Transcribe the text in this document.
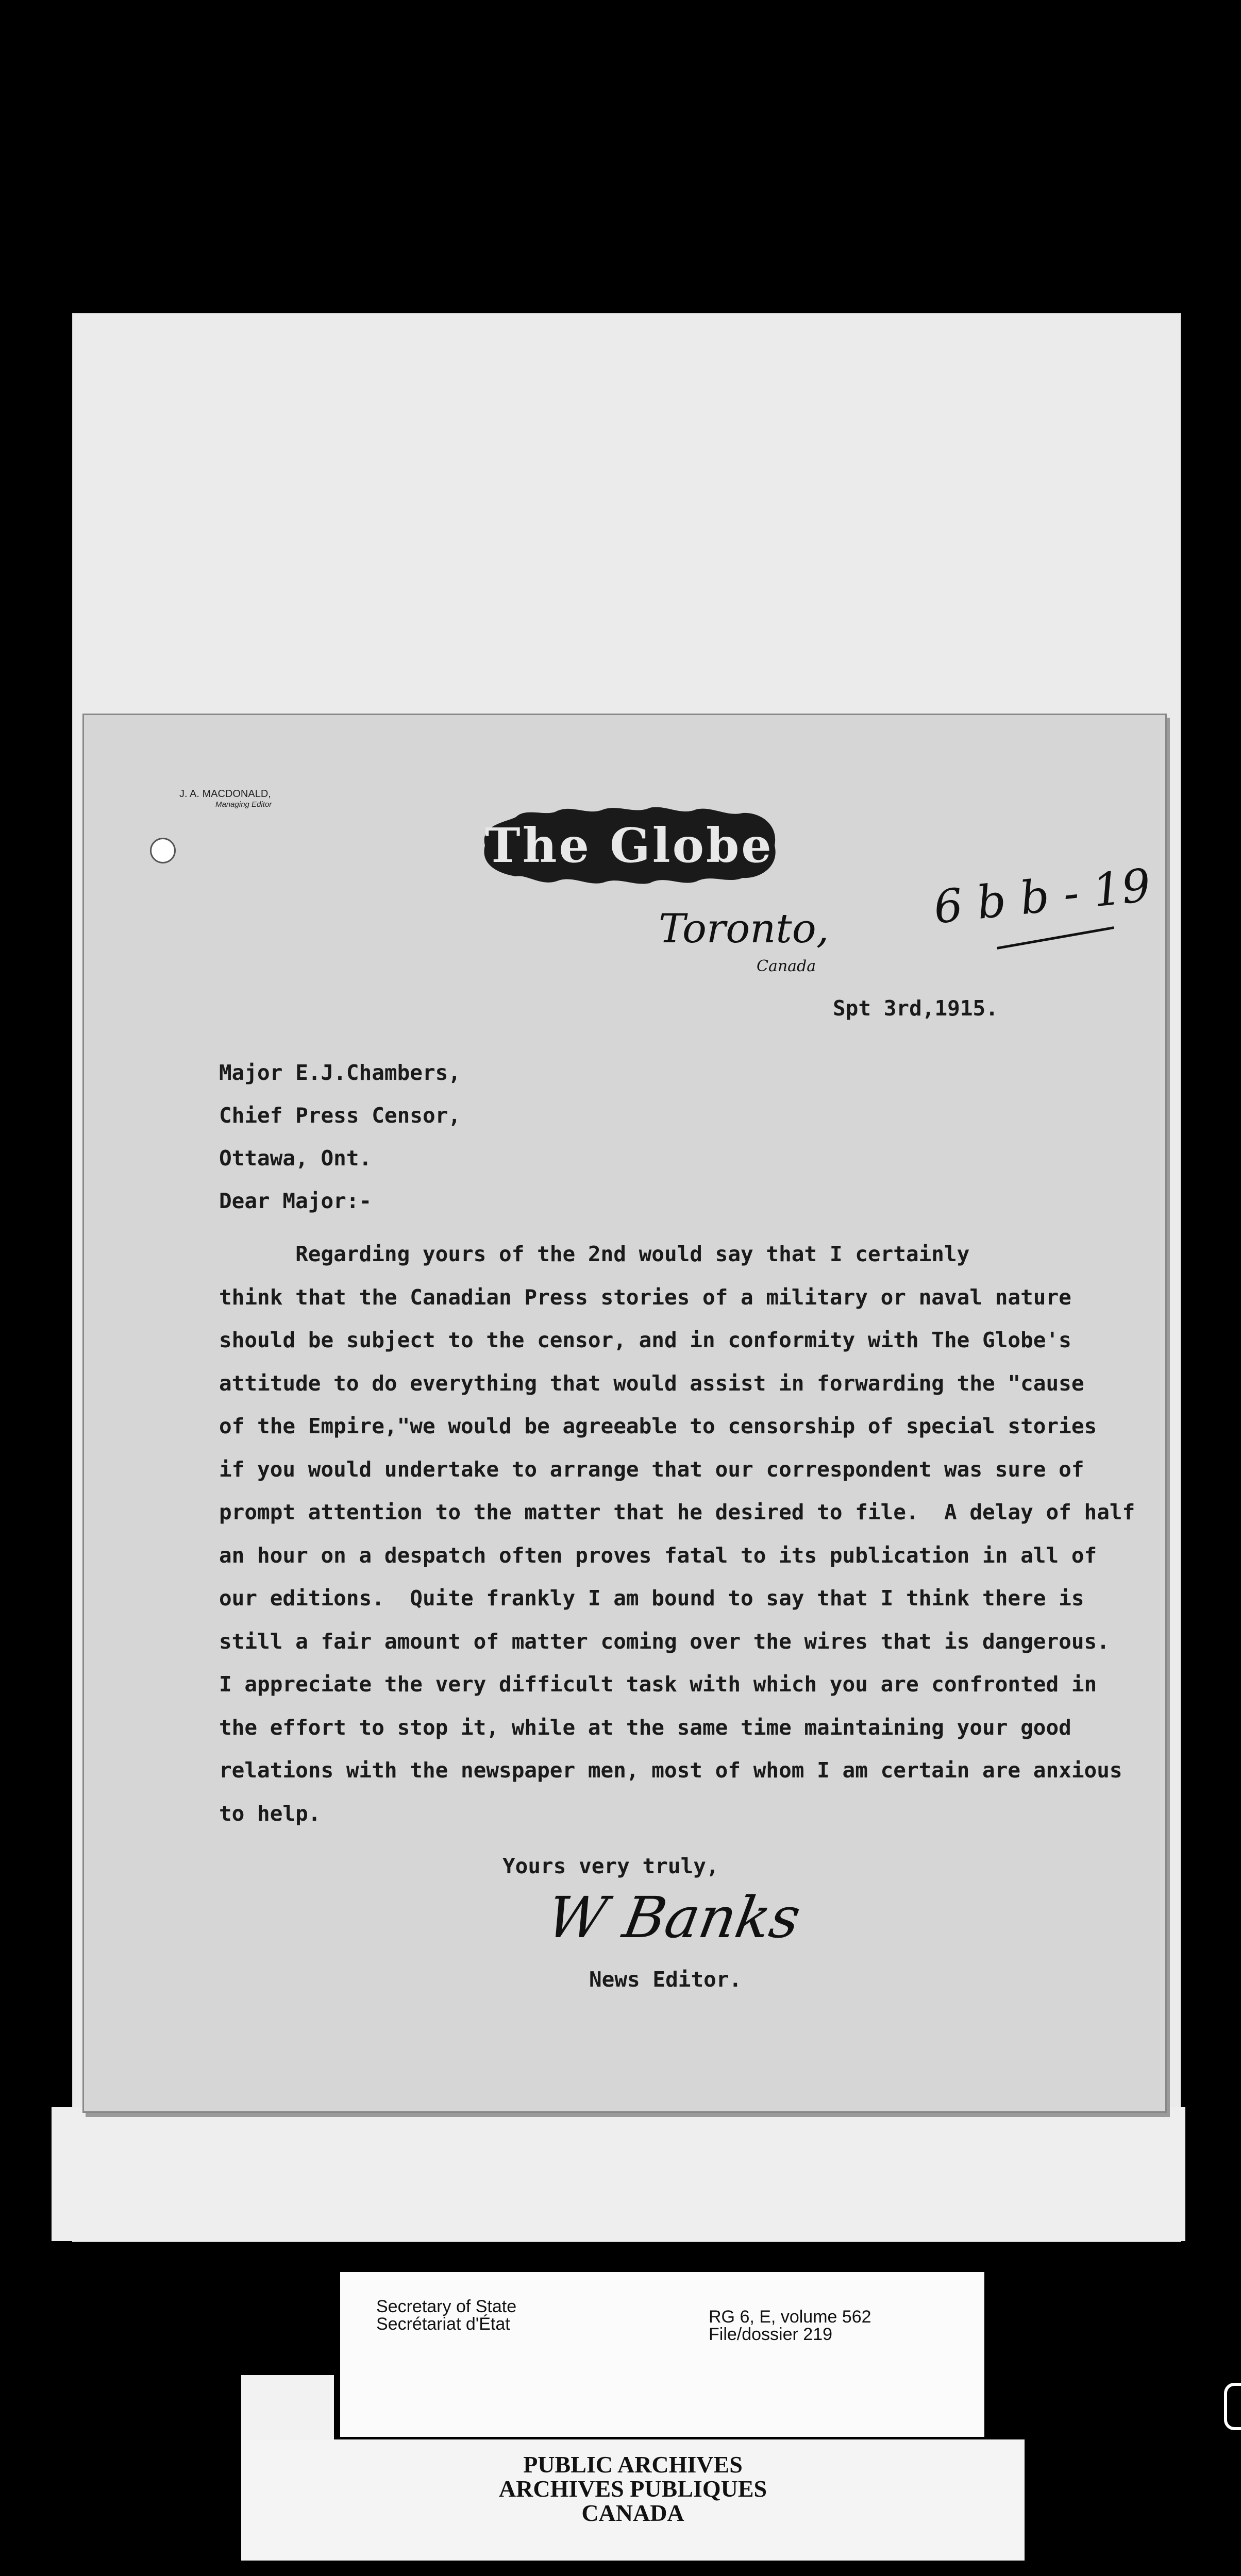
J. A. MACDONALD,
Managing Editor
The Globe
Toronto,
Canada
6 b b - 19
Spt 3rd,1915.
Major E.J.Chambers,
Chief Press Censor,
Ottawa, Ont.
Dear Major:-
Regarding yours of the 2nd would say that I certainly
think that the Canadian Press stories of a military or naval nature
should be subject to the censor, and in conformity with The Globe's
attitude to do everything that would assist in forwarding the "cause
of the Empire,"we would be agreeable to censorship of special stories
if you would undertake to arrange that our correspondent was sure of
prompt attention to the matter that he desired to file.  A delay of half
an hour on a despatch often proves fatal to its publication in all of
our editions.  Quite frankly I am bound to say that I think there is
still a fair amount of matter coming over the wires that is dangerous.
I appreciate the very difficult task with which you are confronted in
the effort to stop it, while at the same time maintaining your good
relations with the newspaper men, most of whom I am certain are anxious
to help.
Yours very truly,
W Banks
News Editor.
Secretary of State
Secrétariat d'État	RG 6, E, volume 562
File/dossier 219
PUBLIC ARCHIVES
ARCHIVES PUBLIQUES
CANADA
